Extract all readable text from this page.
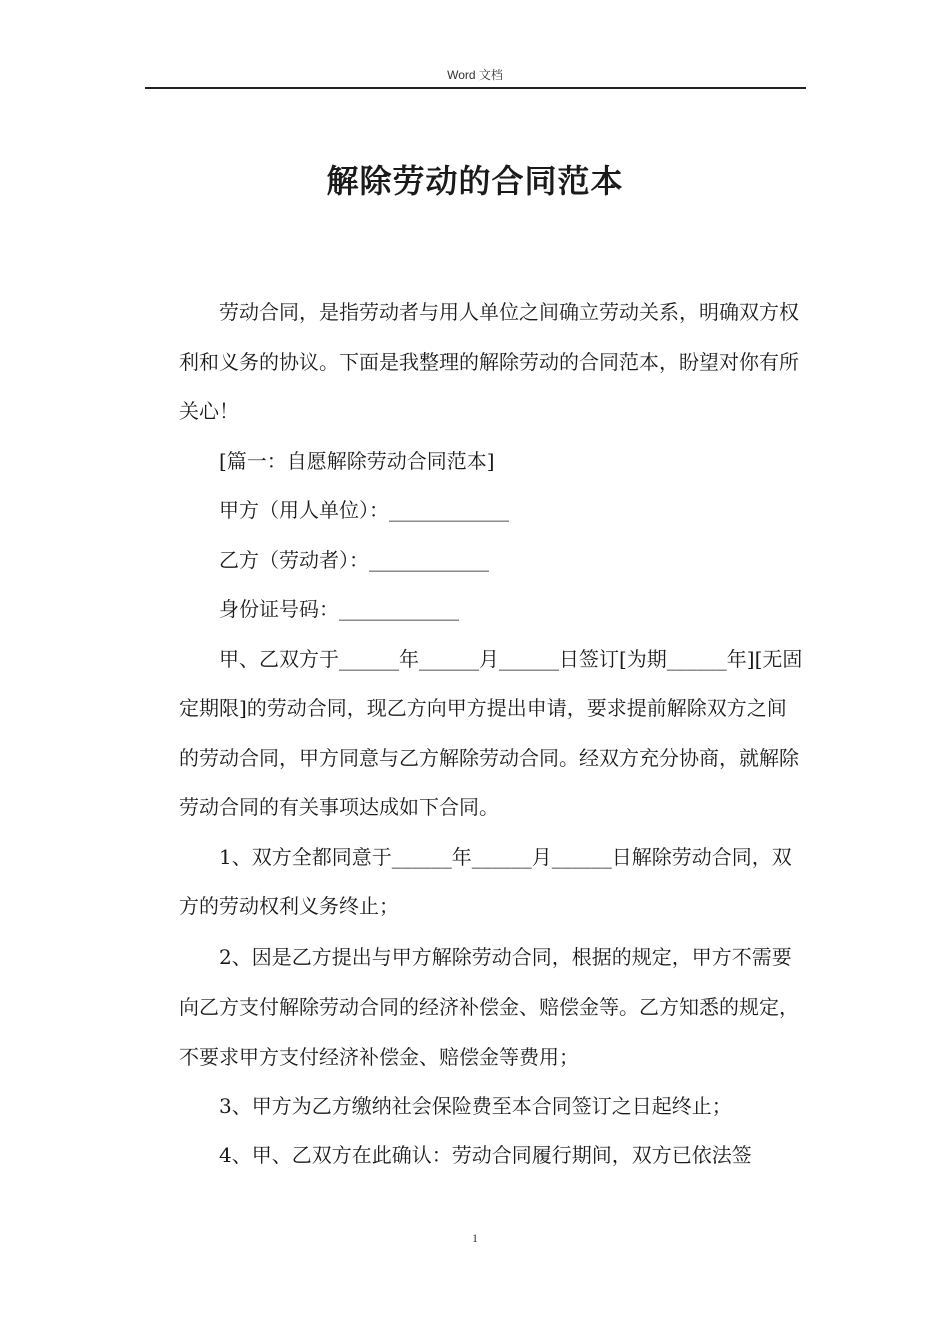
Word 文档
解除劳动的合同范本

劳动合同，是指劳动者与用人单位之间确立劳动关系，明确双方权利和义务的协议。下面是我整理的解除劳动的合同范本，盼望对你有所关心！

[篇一：自愿解除劳动合同范本]

甲方（用人单位）：____________

乙方（劳动者）：____________

身份证号码：____________

甲、乙双方于______年______月______日签订[为期______年][无固定期限]的劳动合同，现乙方向甲方提出申请，要求提前解除双方之间的劳动合同，甲方同意与乙方解除劳动合同。经双方充分协商，就解除劳动合同的有关事项达成如下合同。

1、双方全都同意于______年______月______日解除劳动合同，双方的劳动权利义务终止；

2、因是乙方提出与甲方解除劳动合同，根据的规定，甲方不需要向乙方支付解除劳动合同的经济补偿金、赔偿金等。乙方知悉的规定，不要求甲方支付经济补偿金、赔偿金等费用；

3、甲方为乙方缴纳社会保险费至本合同签订之日起终止；

4、甲、乙双方在此确认：劳动合同履行期间，双方已依法签

1
